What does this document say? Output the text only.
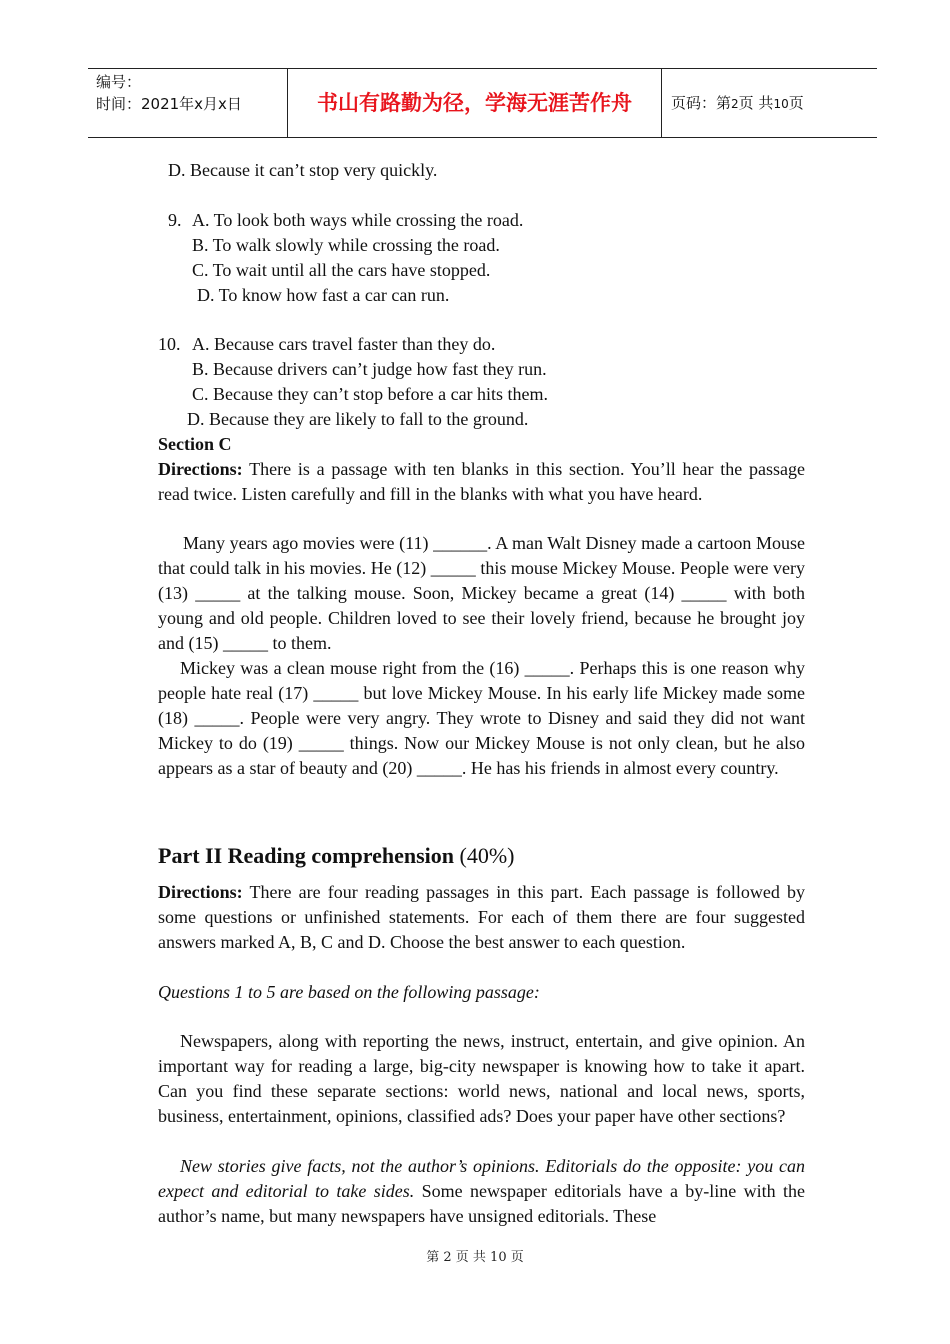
编号：
时间：2021年x月x日	书山有路勤为径，学海无涯苦作舟	页码：第2页 共10页
D. Because it can’t stop very quickly.
9. A. To look both ways while crossing the road.
B. To walk slowly while crossing the road.
C. To wait until all the cars have stopped.
D. To know how fast a car can run.
10. A. Because cars travel faster than they do.
B. Because drivers can’t judge how fast they run.
C. Because they can’t stop before a car hits them.
D. Because they are likely to fall to the ground.
Section C

Directions: There is a passage with ten blanks in this section. You’ll hear the passage read twice. Listen carefully and fill in the blanks with what you have heard.

Many years ago movies were (11) ______. A man Walt Disney made a cartoon Mouse that could talk in his movies. He (12) _____ this mouse Mickey Mouse. People were very (13) _____ at the talking mouse. Soon, Mickey became a great (14) _____ with both young and old people. Children loved to see their lovely friend, because he brought joy and (15) _____ to them.

Mickey was a clean mouse right from the (16) _____. Perhaps this is one reason why people hate real (17) _____ but love Mickey Mouse. In his early life Mickey made some (18) _____. People were very angry. They wrote to Disney and said they did not want Mickey to do (19) _____ things. Now our Mickey Mouse is not only clean, but he also appears as a star of beauty and (20) _____. He has his friends in almost every country.

Part II Reading comprehension (40%)

Directions: There are four reading passages in this part. Each passage is followed by some questions or unfinished statements. For each of them there are four suggested answers marked A, B, C and D. Choose the best answer to each question.

Questions 1 to 5 are based on the following passage:

Newspapers, along with reporting the news, instruct, entertain, and give opinion. An important way for reading a large, big-city newspaper is knowing how to take it apart. Can you find these separate sections: world news, national and local news, sports, business, entertainment, opinions, classified ads? Does your paper have other sections?

New stories give facts, not the author’s opinions. Editorials do the opposite: you can expect and editorial to take sides. Some newspaper editorials have a by-line with the author’s name, but many newspapers have unsigned editorials. These

第 2 页 共 10 页
